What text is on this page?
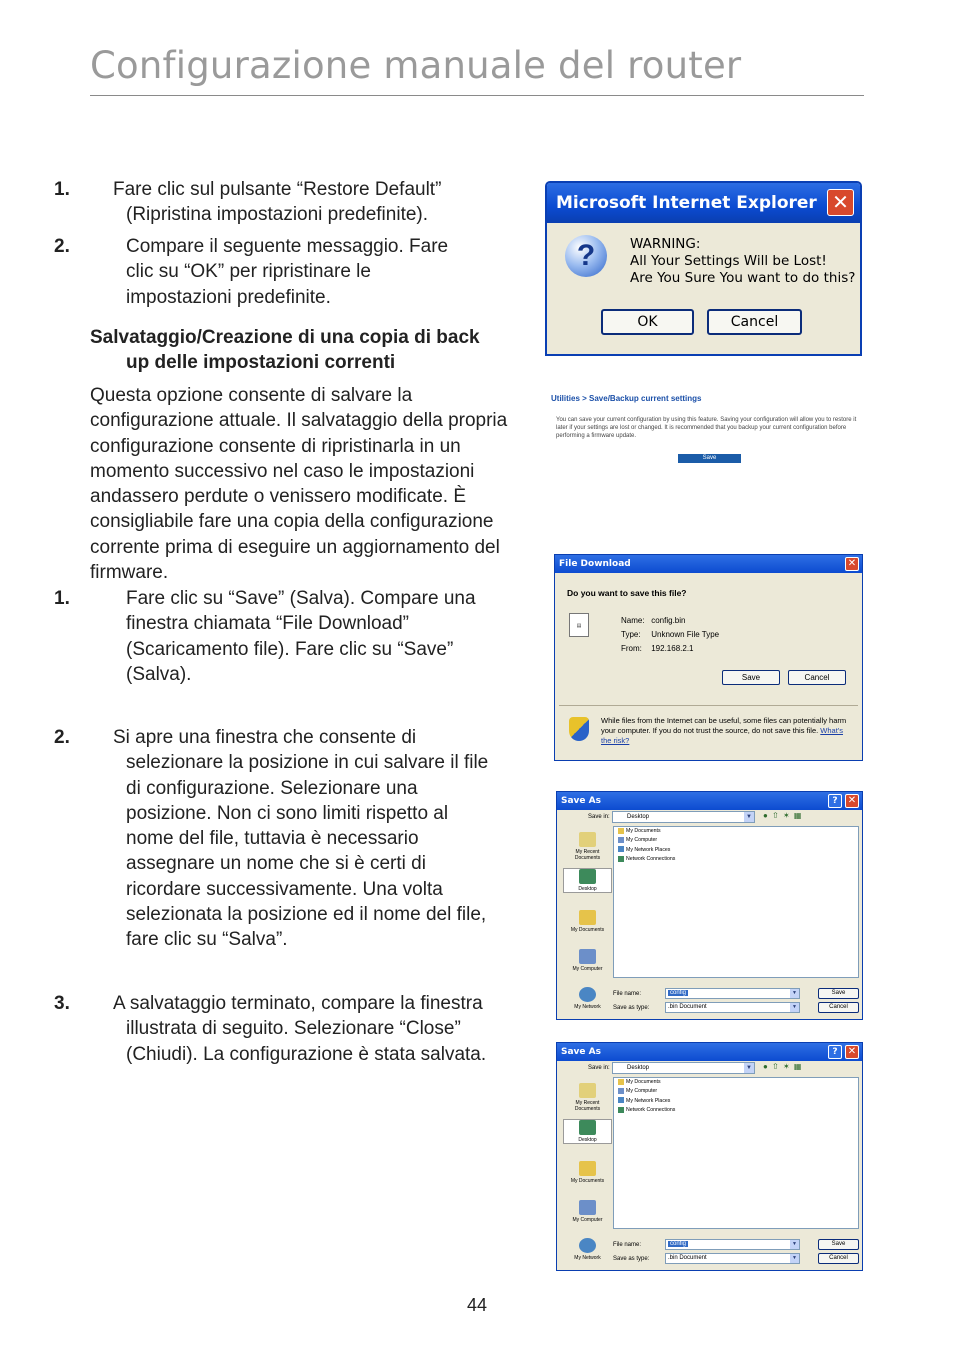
Configurazione manuale del router
1. Fare clic sul pulsante “Restore Default” (Ripristina impostazioni predefinite).
2.	Compare il seguente messaggio. Fare clic su “OK” per ripristinare le impostazioni predefinite.
Salvataggio/Creazione di una copia di back up delle impostazioni correnti
Questa opzione consente di salvare la configurazione attuale. Il salvataggio della propria configurazione consente di ripristinarla in un momento successivo nel caso le impostazioni andassero perdute o venissero modificate. È consigliabile fare una copia della configurazione corrente prima di eseguire un aggiornamento del firmware.
1.	Fare clic su “Save” (Salva). Compare una finestra chiamata “File Download” (Scaricamento file). Fare clic su “Save” (Salva).
2. Si apre una finestra che consente di selezionare la posizione in cui salvare il file di configurazione. Selezionare una posizione. Non ci sono limiti rispetto al nome del file, tuttavia è necessario assegnare un nome che si è certi di ricordare successivamente. Una volta selezionata la posizione ed il nome del file, fare clic su “Salva”.
3. A salvataggio terminato, compare la finestra illustrata di seguito. Selezionare “Close” (Chiudi). La configurazione è stata salvata.
Microsoft Internet Explorer ✕
?	WARNING:
All Your Settings Will be Lost!
Are You Sure You want to do this?
OK	Cancel
Utilities > Save/Backup current settings
You can save your current configuration by using this feature. Saving your configuration will allow you to restore it later if your settings are lost or changed. It is recommended that you backup your current configuration before performing a firmware update.
Save
File Download	✕
Do you want to save this file?
▤
Name: config.bin
Type: Unknown File Type
From: 192.168.2.1
Save	Cancel
While files from the Internet can be useful, some files can potentially harm your computer. If you do not trust the source, do not save this file. What's the risk?
Save As	?	✕
Save in:	Desktop	▼ ● ⇧ ✶ ▦
My Recent Documents
Desktop
My Documents
My Computer
My Network
My Documents
My Computer
My Network Places
Network Connections
File name:	config	▼
Save as type:	.bin Document	▼
Save
Cancel
Save As	?	✕
Save in:	Desktop	▼ ● ⇧ ✶ ▦
My Recent Documents
Desktop
My Documents
My Computer
My Network
My Documents
My Computer
My Network Places
Network Connections
File name:	config	▼
Save as type:	.bin Document	▼
Save
Cancel
44
